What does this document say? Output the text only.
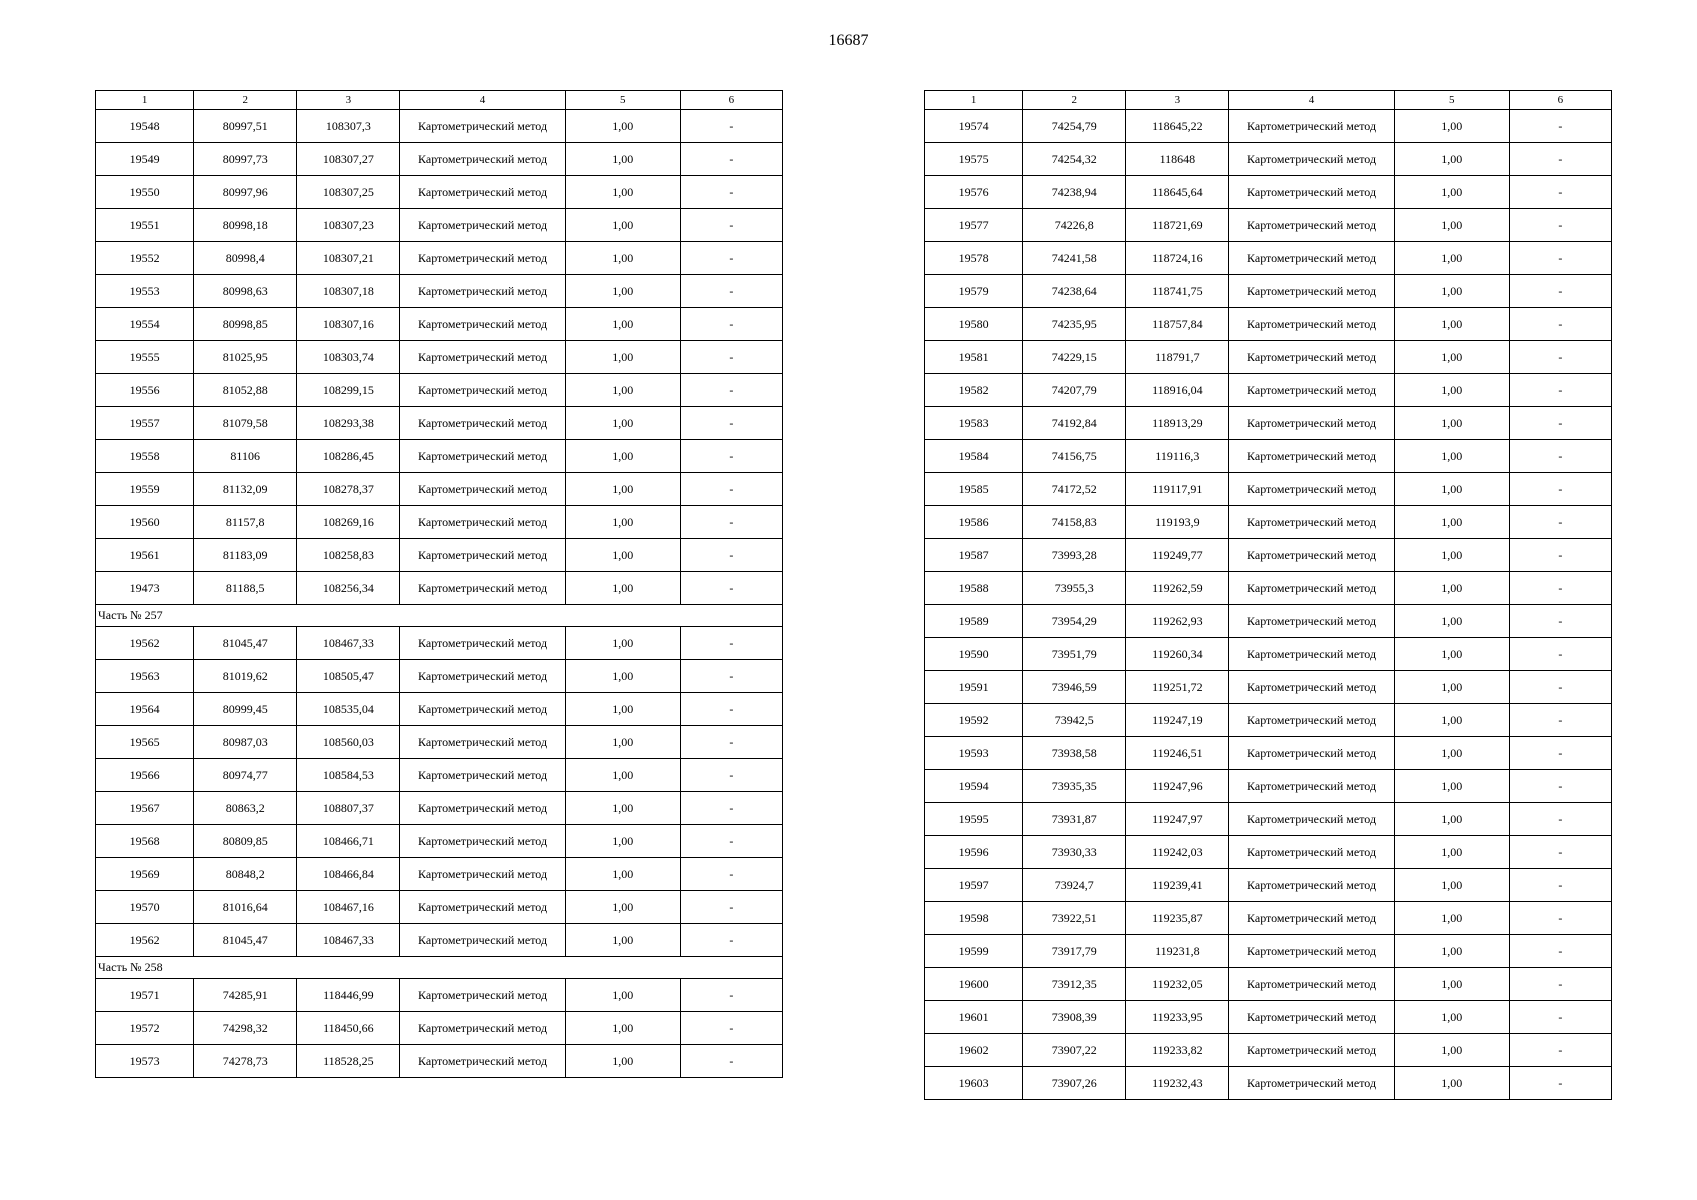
16687
1	2	3	4	5	6
19548	80997,51	108307,3	Картометрический метод	1,00	-
19549	80997,73	108307,27	Картометрический метод	1,00	-
19550	80997,96	108307,25	Картометрический метод	1,00	-
19551	80998,18	108307,23	Картометрический метод	1,00	-
19552	80998,4	108307,21	Картометрический метод	1,00	-
19553	80998,63	108307,18	Картометрический метод	1,00	-
19554	80998,85	108307,16	Картометрический метод	1,00	-
19555	81025,95	108303,74	Картометрический метод	1,00	-
19556	81052,88	108299,15	Картометрический метод	1,00	-
19557	81079,58	108293,38	Картометрический метод	1,00	-
19558	81106	108286,45	Картометрический метод	1,00	-
19559	81132,09	108278,37	Картометрический метод	1,00	-
19560	81157,8	108269,16	Картометрический метод	1,00	-
19561	81183,09	108258,83	Картометрический метод	1,00	-
19473	81188,5	108256,34	Картометрический метод	1,00	-
Часть № 257					
19562	81045,47	108467,33	Картометрический метод	1,00	-
19563	81019,62	108505,47	Картометрический метод	1,00	-
19564	80999,45	108535,04	Картометрический метод	1,00	-
19565	80987,03	108560,03	Картометрический метод	1,00	-
19566	80974,77	108584,53	Картометрический метод	1,00	-
19567	80863,2	108807,37	Картометрический метод	1,00	-
19568	80809,85	108466,71	Картометрический метод	1,00	-
19569	80848,2	108466,84	Картометрический метод	1,00	-
19570	81016,64	108467,16	Картометрический метод	1,00	-
19562	81045,47	108467,33	Картометрический метод	1,00	-
Часть № 258					
19571	74285,91	118446,99	Картометрический метод	1,00	-
19572	74298,32	118450,66	Картометрический метод	1,00	-
19573	74278,73	118528,25	Картометрический метод	1,00	-
1	2	3	4	5	6
19574	74254,79	118645,22	Картометрический метод	1,00	-
19575	74254,32	118648	Картометрический метод	1,00	-
19576	74238,94	118645,64	Картометрический метод	1,00	-
19577	74226,8	118721,69	Картометрический метод	1,00	-
19578	74241,58	118724,16	Картометрический метод	1,00	-
19579	74238,64	118741,75	Картометрический метод	1,00	-
19580	74235,95	118757,84	Картометрический метод	1,00	-
19581	74229,15	118791,7	Картометрический метод	1,00	-
19582	74207,79	118916,04	Картометрический метод	1,00	-
19583	74192,84	118913,29	Картометрический метод	1,00	-
19584	74156,75	119116,3	Картометрический метод	1,00	-
19585	74172,52	119117,91	Картометрический метод	1,00	-
19586	74158,83	119193,9	Картометрический метод	1,00	-
19587	73993,28	119249,77	Картометрический метод	1,00	-
19588	73955,3	119262,59	Картометрический метод	1,00	-
19589	73954,29	119262,93	Картометрический метод	1,00	-
19590	73951,79	119260,34	Картометрический метод	1,00	-
19591	73946,59	119251,72	Картометрический метод	1,00	-
19592	73942,5	119247,19	Картометрический метод	1,00	-
19593	73938,58	119246,51	Картометрический метод	1,00	-
19594	73935,35	119247,96	Картометрический метод	1,00	-
19595	73931,87	119247,97	Картометрический метод	1,00	-
19596	73930,33	119242,03	Картометрический метод	1,00	-
19597	73924,7	119239,41	Картометрический метод	1,00	-
19598	73922,51	119235,87	Картометрический метод	1,00	-
19599	73917,79	119231,8	Картометрический метод	1,00	-
19600	73912,35	119232,05	Картометрический метод	1,00	-
19601	73908,39	119233,95	Картометрический метод	1,00	-
19602	73907,22	119233,82	Картометрический метод	1,00	-
19603	73907,26	119232,43	Картометрический метод	1,00	-
